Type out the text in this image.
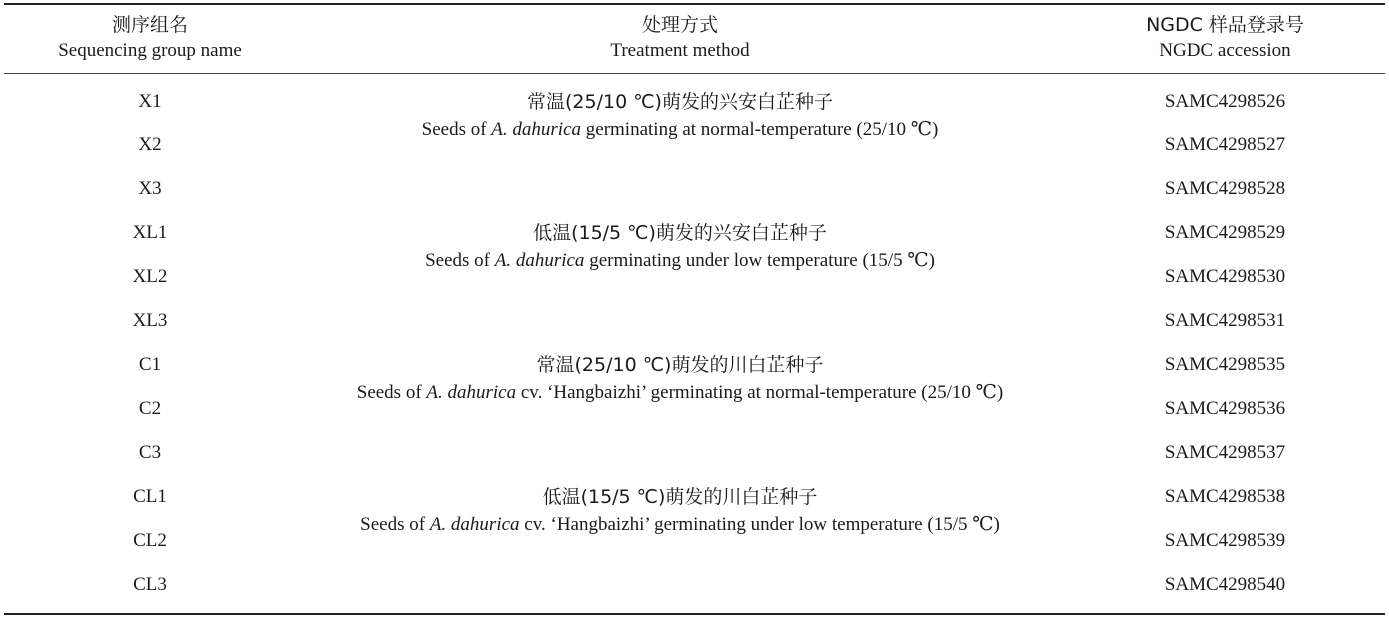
测序组名
Sequencing group name
处理方式
Treatment method
NGDC 样品登录号
NGDC accession
X1
X2
X3
XL1
XL2
XL3
C1
C2
C3
CL1
CL2
CL3
常温(25/10 ℃)萌发的兴安白芷种子
Seeds of A. dahurica germinating at normal-temperature (25/10 ℃)
低温(15/5 ℃)萌发的兴安白芷种子
Seeds of A. dahurica germinating under low temperature (15/5 ℃)
常温(25/10 ℃)萌发的川白芷种子
Seeds of A. dahurica cv. ‘Hangbaizhi’ germinating at normal-temperature (25/10 ℃)
低温(15/5 ℃)萌发的川白芷种子
Seeds of A. dahurica cv. ‘Hangbaizhi’ germinating under low temperature (15/5 ℃)
SAMC4298526
SAMC4298527
SAMC4298528
SAMC4298529
SAMC4298530
SAMC4298531
SAMC4298535
SAMC4298536
SAMC4298537
SAMC4298538
SAMC4298539
SAMC4298540
